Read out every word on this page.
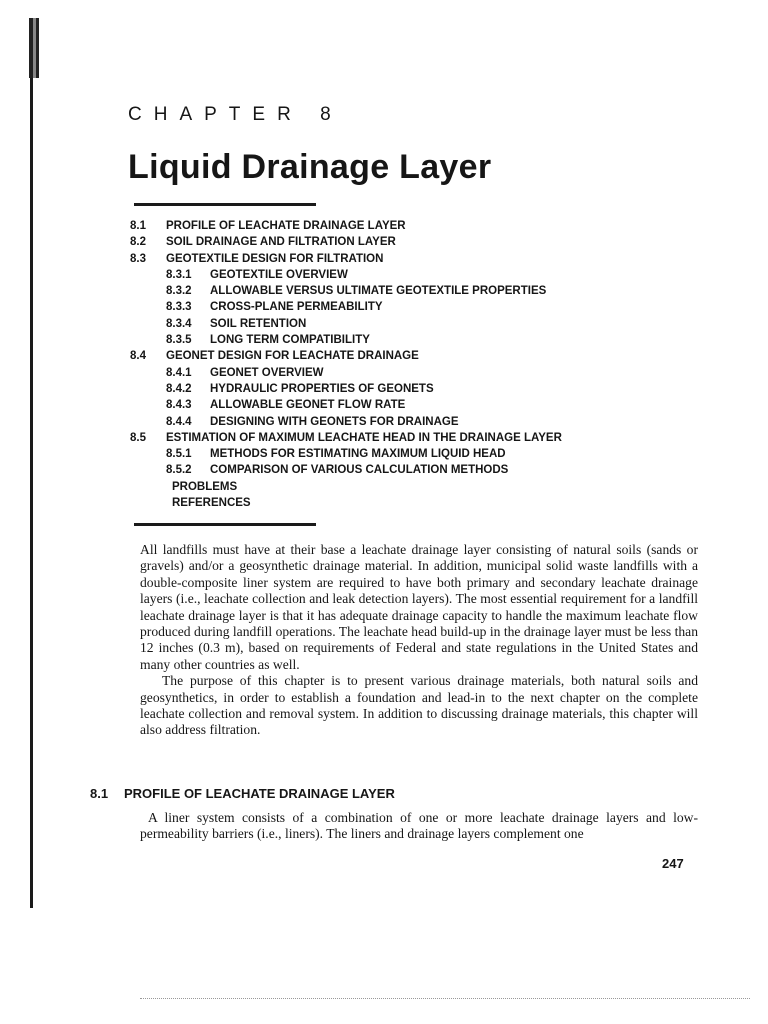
CHAPTER 8
Liquid Drainage Layer
8.1 PROFILE OF LEACHATE DRAINAGE LAYER
8.2 SOIL DRAINAGE AND FILTRATION LAYER
8.3 GEOTEXTILE DESIGN FOR FILTRATION
8.3.1 GEOTEXTILE OVERVIEW
8.3.2 ALLOWABLE VERSUS ULTIMATE GEOTEXTILE PROPERTIES
8.3.3 CROSS-PLANE PERMEABILITY
8.3.4 SOIL RETENTION
8.3.5 LONG TERM COMPATIBILITY
8.4 GEONET DESIGN FOR LEACHATE DRAINAGE
8.4.1 GEONET OVERVIEW
8.4.2 HYDRAULIC PROPERTIES OF GEONETS
8.4.3 ALLOWABLE GEONET FLOW RATE
8.4.4 DESIGNING WITH GEONETS FOR DRAINAGE
8.5 ESTIMATION OF MAXIMUM LEACHATE HEAD IN THE DRAINAGE LAYER
8.5.1 METHODS FOR ESTIMATING MAXIMUM LIQUID HEAD
8.5.2 COMPARISON OF VARIOUS CALCULATION METHODS
PROBLEMS
REFERENCES

All landfills must have at their base a leachate drainage layer consisting of natural soils (sands or gravels) and/or a geosynthetic drainage material. In addition, municipal solid waste landfills with a double-composite liner system are required to have both primary and secondary leachate drainage layers (i.e., leachate collection and leak detection layers). The most essential requirement for a landfill leachate drainage layer is that it has adequate drainage capacity to handle the maximum leachate flow produced during landfill operations. The leachate head build-up in the drainage layer must be less than 12 inches (0.3 m), based on requirements of Federal and state regulations in the United States and many other countries as well.

The purpose of this chapter is to present various drainage materials, both natural soils and geosynthetics, in order to establish a foundation and lead-in to the next chapter on the complete leachate collection and removal system. In addition to discussing drainage materials, this chapter will also address filtration.

8.1 PROFILE OF LEACHATE DRAINAGE LAYER

A liner system consists of a combination of one or more leachate drainage layers and low-permeability barriers (i.e., liners). The liners and drainage layers complement one

247
